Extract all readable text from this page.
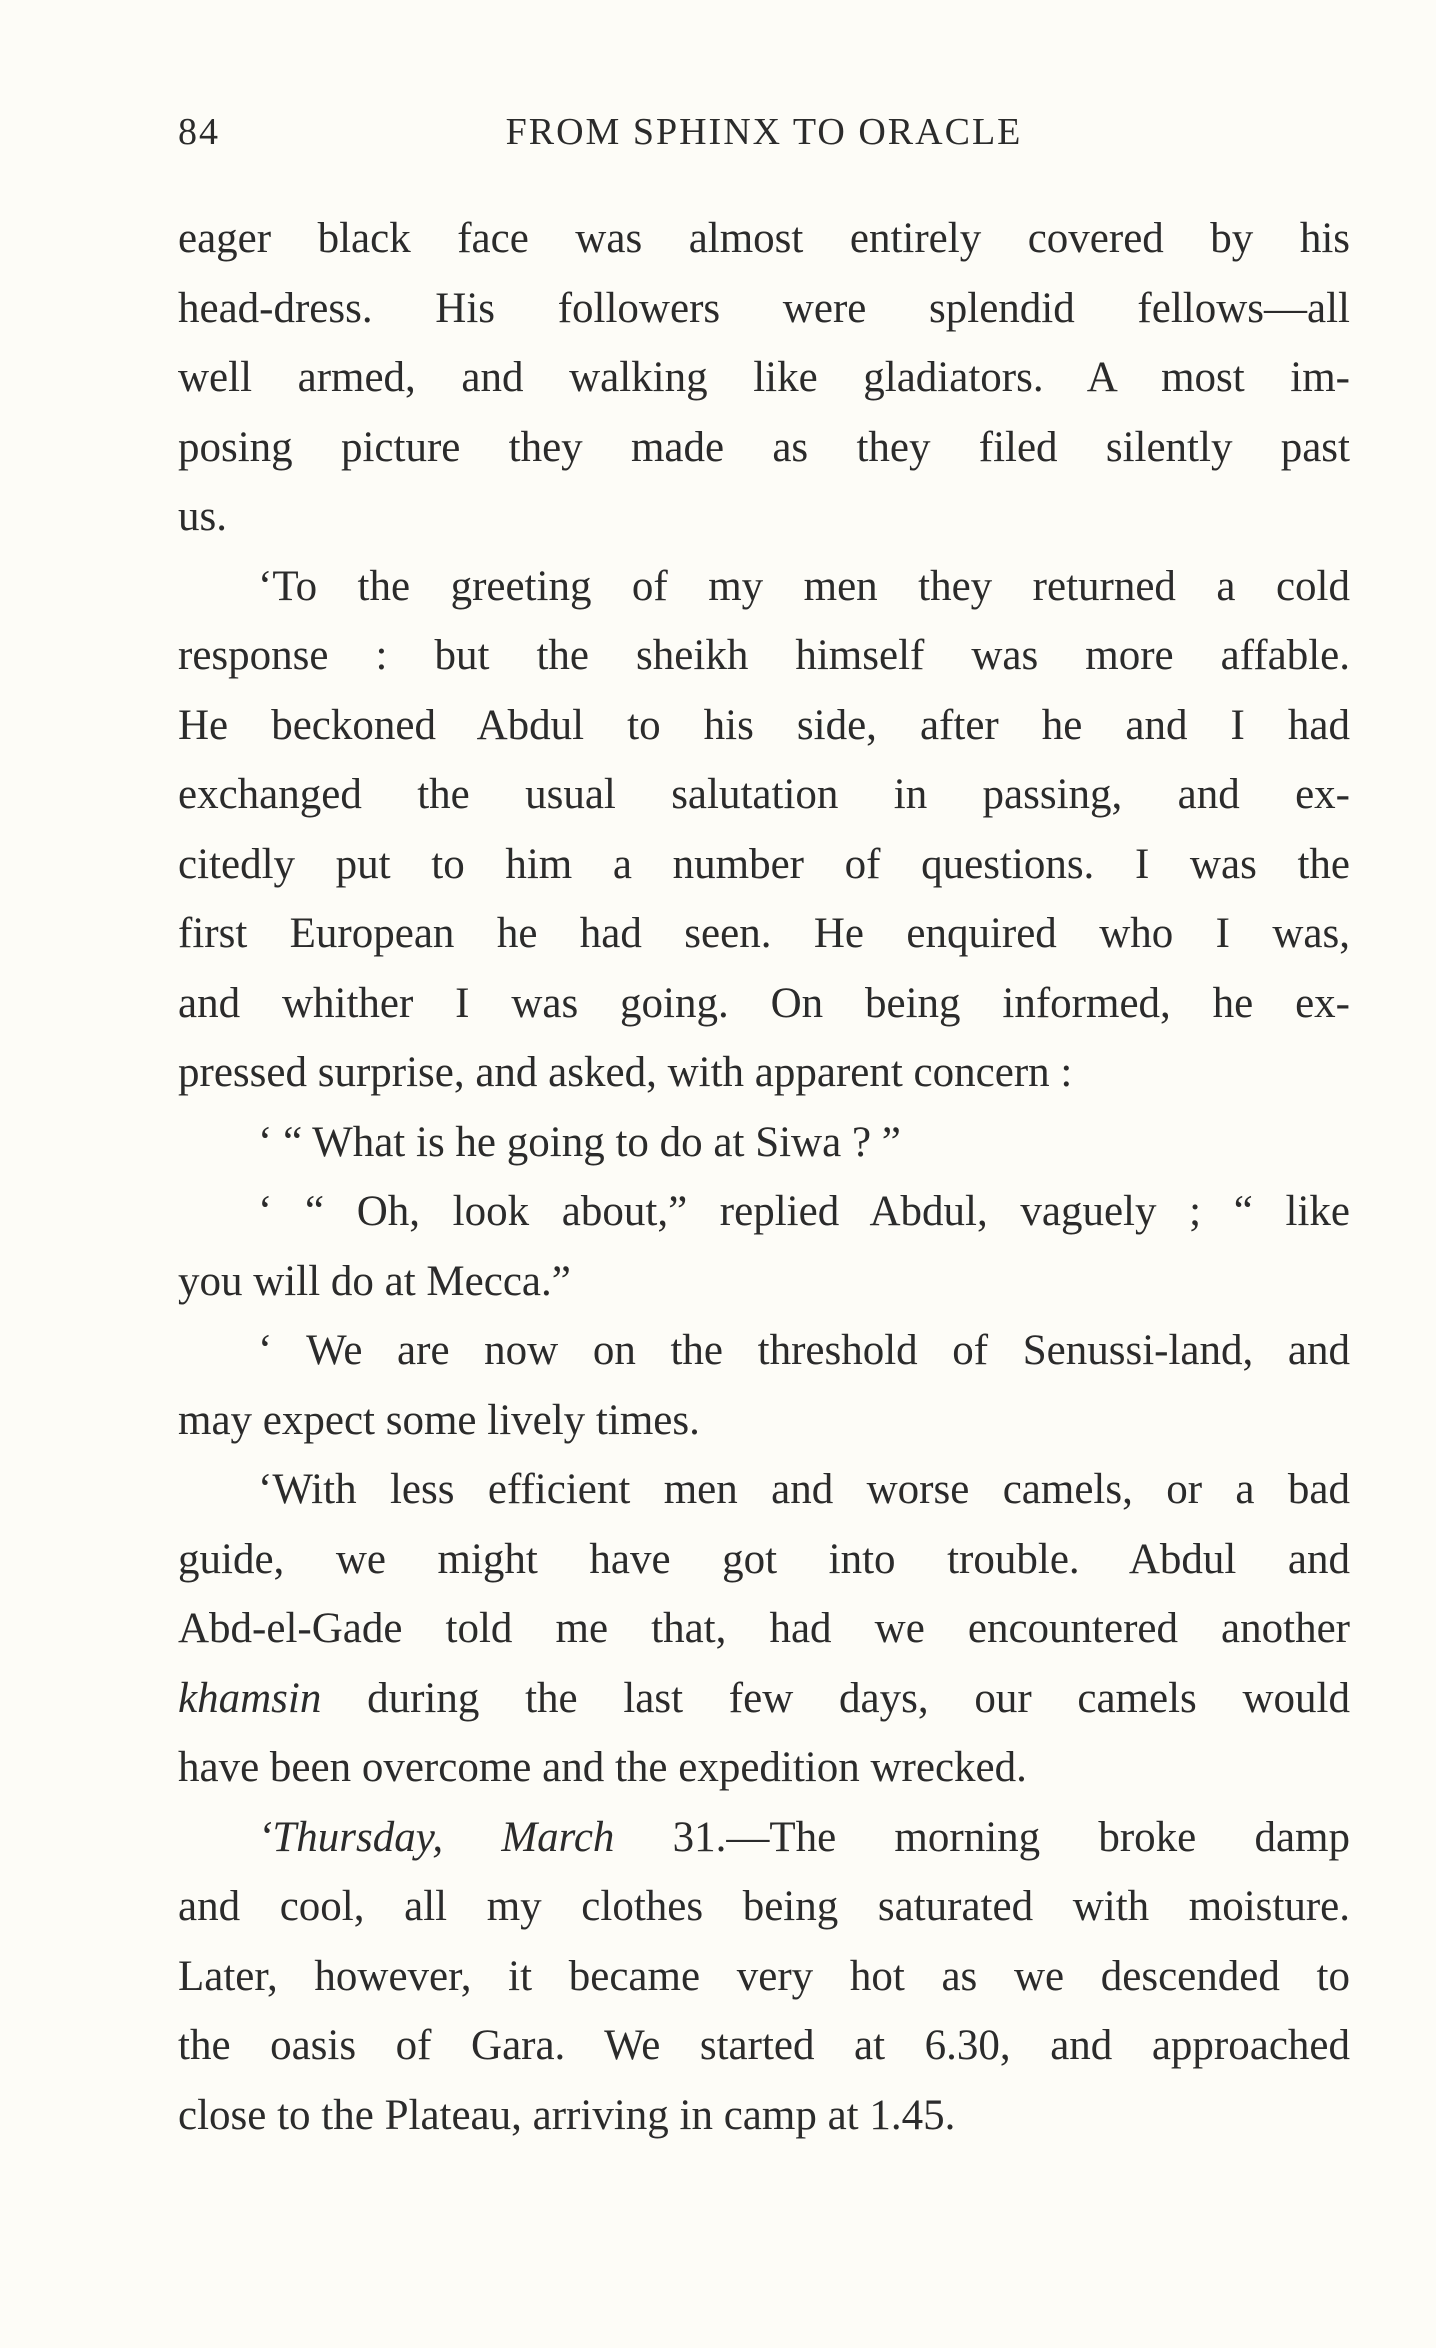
84	FROM SPHINX TO ORACLE
eager black face was almost entirely covered by his
head-dress. His followers were splendid fellows—all
well armed, and walking like gladiators. A most im-
posing picture they made as they filed silently past
us.
‘To the greeting of my men they returned a cold
response : but the sheikh himself was more affable.
He beckoned Abdul to his side, after he and I had
exchanged the usual salutation in passing, and ex-
citedly put to him a number of questions. I was the
first European he had seen. He enquired who I was,
and whither I was going. On being informed, he ex-
pressed surprise, and asked, with apparent concern :
‘ “ What is he going to do at Siwa ? ”
‘ “ Oh, look about,” replied Abdul, vaguely ; “ like
you will do at Mecca.”
‘ We are now on the threshold of Senussi-land, and
may expect some lively times.
‘With less efficient men and worse camels, or a bad
guide, we might have got into trouble. Abdul and
Abd-el-Gade told me that, had we encountered another
khamsin during the last few days, our camels would
have been overcome and the expedition wrecked.
‘Thursday, March 31.—The morning broke damp
and cool, all my clothes being saturated with moisture.
Later, however, it became very hot as we descended to
the oasis of Gara. We started at 6.30, and approached
close to the Plateau, arriving in camp at 1.45.
